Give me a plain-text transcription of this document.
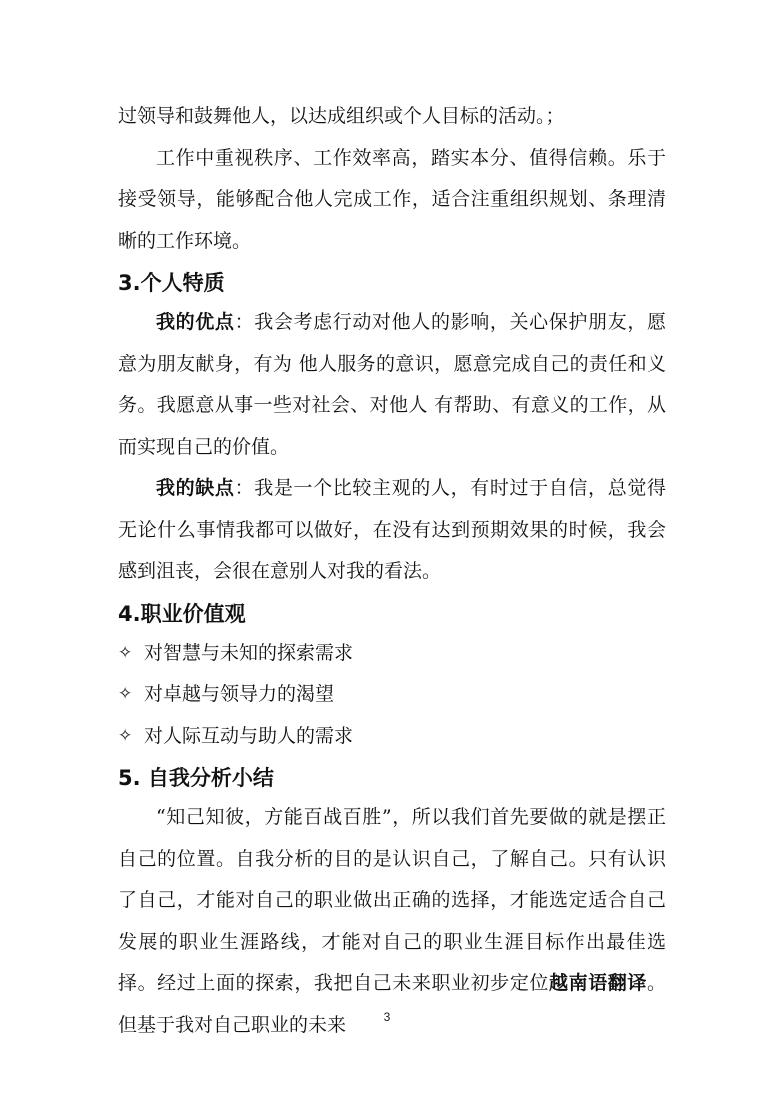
过领导和鼓舞他人，以达成组织或个人目标的活动。；

工作中重视秩序、工作效率高，踏实本分、值得信赖。乐于接受领导，能够配合他人完成工作，适合注重组织规划、条理清晰的工作环境。

3.个人特质

我的优点：我会考虑行动对他人的影响，关心保护朋友，愿意为朋友献身，有为 他人服务的意识，愿意完成自己的责任和义务。我愿意从事一些对社会、对他人 有帮助、有意义的工作，从而实现自己的价值。

我的缺点：我是一个比较主观的人，有时过于自信，总觉得无论什么事情我都可以做好，在没有达到预期效果的时候，我会感到沮丧，会很在意别人对我的看法。

4.职业价值观
✧ 对智慧与未知的探索需求
✧ 对卓越与领导力的渴望
✧ 对人际互动与助人的需求
5. 自我分析小结

“知己知彼，方能百战百胜”，所以我们首先要做的就是摆正自己的位置。自我分析的目的是认识自己，了解自己。只有认识了自己，才能对自己的职业做出正确的选择，才能选定适合自己发展的职业生涯路线，才能对自己的职业生涯目标作出最佳选择。经过上面的探索，我把自己未来职业初步定位越南语翻译。但基于我对自己职业的未来	3
